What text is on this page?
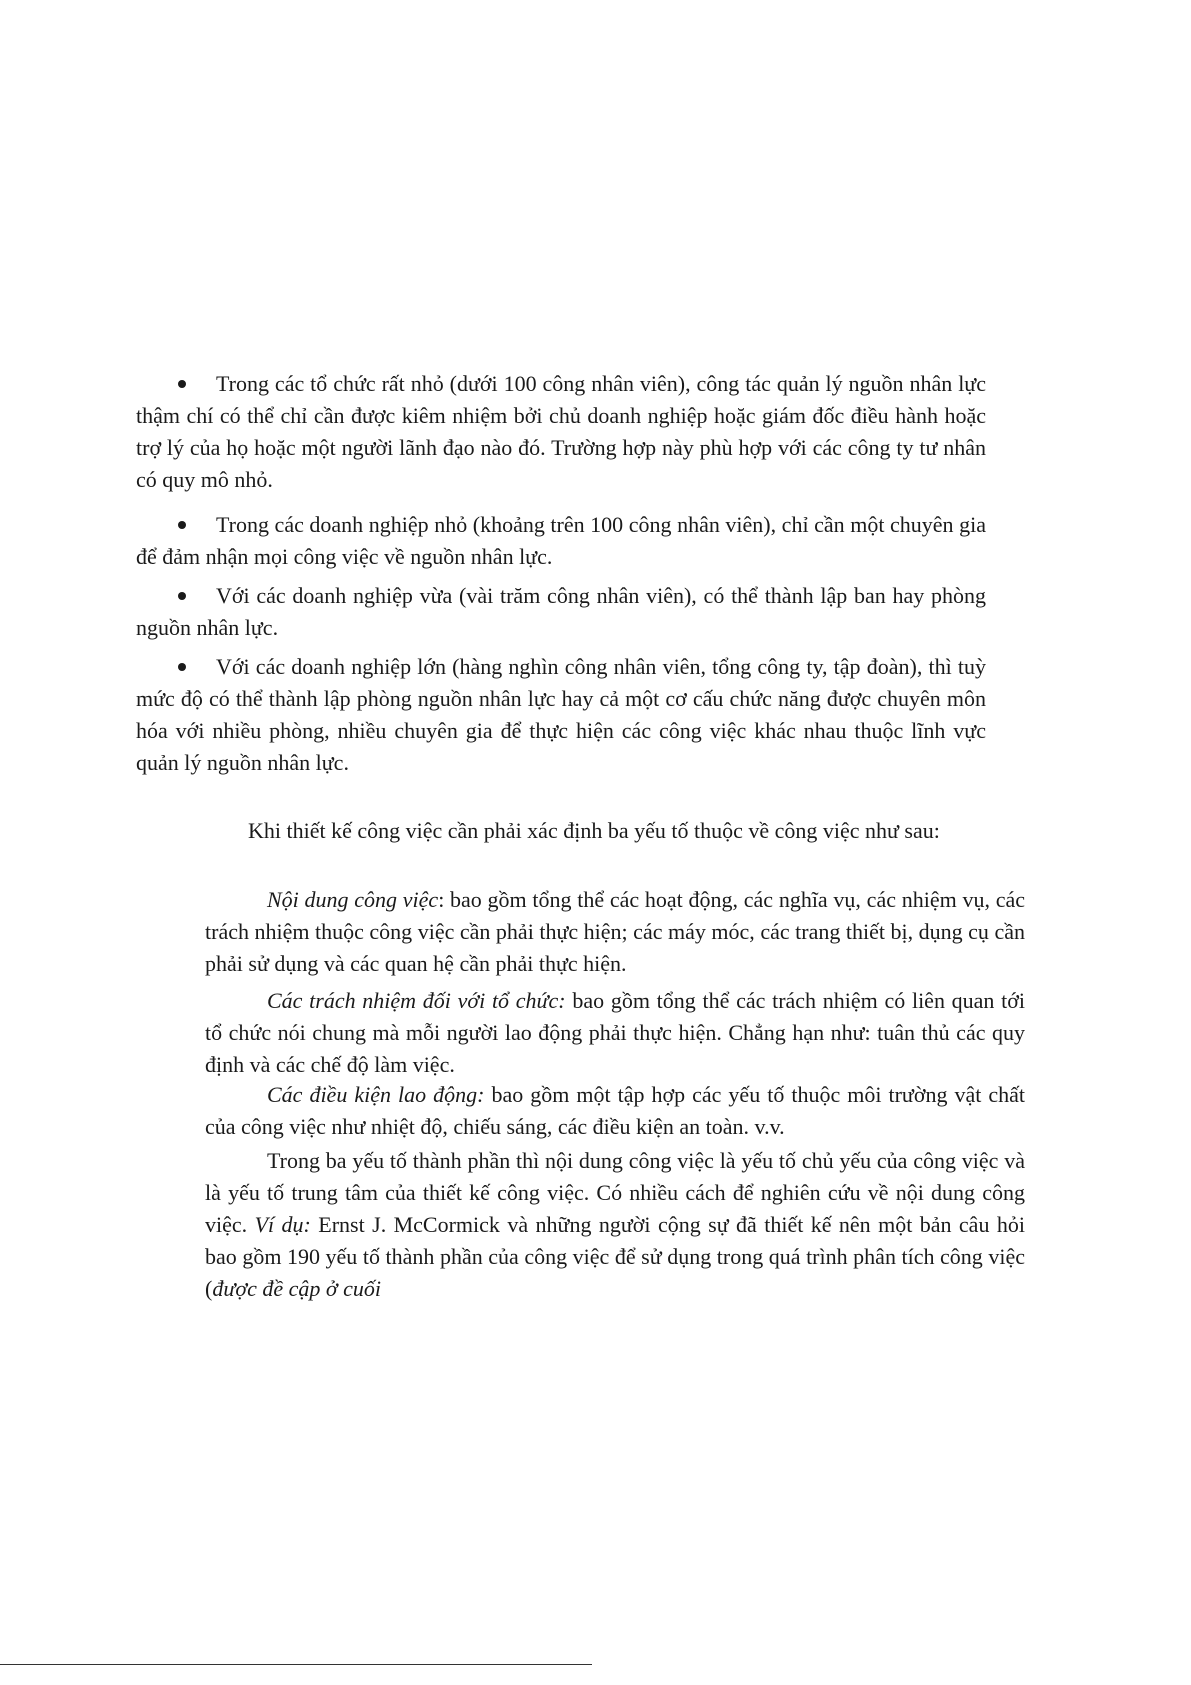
Trong các tổ chức rất nhỏ (dưới 100 công nhân viên), công tác quản lý nguồn nhân lực thậm chí có thể chỉ cần được kiêm nhiệm bởi chủ doanh nghiệp hoặc giám đốc điều hành hoặc trợ lý của họ hoặc một người lãnh đạo nào đó. Trường hợp này phù hợp với các công ty tư nhân có quy mô nhỏ.

Trong các doanh nghiệp nhỏ (khoảng trên 100 công nhân viên), chỉ cần một chuyên gia để đảm nhận mọi công việc về nguồn nhân lực.

Với các doanh nghiệp vừa (vài trăm công nhân viên), có thể thành lập ban hay phòng nguồn nhân lực.

Với các doanh nghiệp lớn (hàng nghìn công nhân viên, tổng công ty, tập đoàn), thì tuỳ mức độ có thể thành lập phòng nguồn nhân lực hay cả một cơ cấu chức năng được chuyên môn hóa với nhiều phòng, nhiều chuyên gia để thực hiện các công việc khác nhau thuộc lĩnh vực quản lý nguồn nhân lực.

Khi thiết kế công việc cần phải xác định ba yếu tố thuộc về công việc như sau:

Nội dung công việc: bao gồm tổng thể các hoạt động, các nghĩa vụ, các nhiệm vụ, các trách nhiệm thuộc công việc cần phải thực hiện; các máy móc, các trang thiết bị, dụng cụ cần phải sử dụng và các quan hệ cần phải thực hiện.

Các trách nhiệm đối với tổ chức: bao gồm tổng thể các trách nhiệm có liên quan tới tổ chức nói chung mà mỗi người lao động phải thực hiện. Chẳng hạn như: tuân thủ các quy định và các chế độ làm việc.

Các điều kiện lao động: bao gồm một tập hợp các yếu tố thuộc môi trường vật chất của công việc như nhiệt độ, chiếu sáng, các điều kiện an toàn. v.v.

Trong ba yếu tố thành phần thì nội dung công việc là yếu tố chủ yếu của công việc và là yếu tố trung tâm của thiết kế công việc. Có nhiều cách để nghiên cứu về nội dung công việc. Ví dụ: Ernst J. McCormick và những người cộng sự đã thiết kế nên một bản câu hỏi bao gồm 190 yếu tố thành phần của công việc để sử dụng trong quá trình phân tích công việc (được đề cập ở cuối
